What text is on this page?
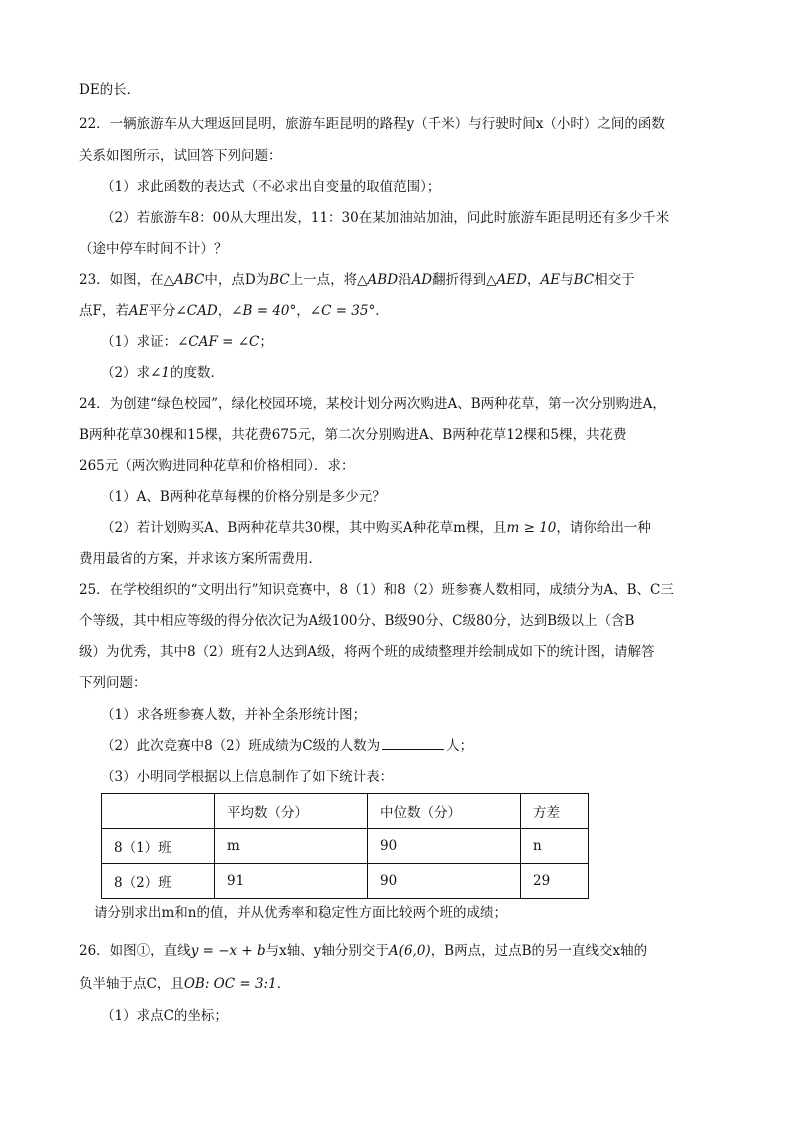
DE的长．
22．一辆旅游车从大理返回昆明，旅游车距昆明的路程y（千米）与行驶时间x（小时）之间的函数
关系如图所示，试回答下列问题：
（1）求此函数的表达式（不必求出自变量的取值范围）；
（2）若旅游车8：00从大理出发，11：30在某加油站加油，问此时旅游车距昆明还有多少千米
（途中停车时间不计）？
23．如图，在△ABC中，点D为BC上一点，将△ABD沿AD翻折得到△AED，AE与BC相交于
点F，若AE平分∠CAD，∠B = 40°，∠C = 35°．
（1）求证：∠CAF = ∠C；
（2）求∠1的度数．
24．为创建“绿色校园”，绿化校园环境，某校计划分两次购进A、B两种花草，第一次分别购进A，
B两种花草30棵和15棵，共花费675元，第二次分别购进A、B两种花草12棵和5棵，共花费
265元（两次购进同种花草和价格相同）．求：
（1）A、B两种花草每棵的价格分别是多少元？
（2）若计划购买A、B两种花草共30棵，其中购买A种花草m棵，且m ≥ 10，请你给出一种
费用最省的方案，并求该方案所需费用．
25．在学校组织的“文明出行”知识竞赛中，8（1）和8（2）班参赛人数相同，成绩分为A、B、C三
个等级，其中相应等级的得分依次记为A级100分、B级90分、C级80分，达到B级以上（含B
级）为优秀，其中8（2）班有2人达到A级，将两个班的成绩整理并绘制成如下的统计图，请解答
下列问题：
（1）求各班参赛人数，并补全条形统计图；
（2）此次竞赛中8（2）班成绩为C级的人数为	人；
（3）小明同学根据以上信息制作了如下统计表：
	平均数（分）	中位数（分）	方差
8（1）班	m	90	n
8（2）班	91	90	29
请分别求出m和n的值，并从优秀率和稳定性方面比较两个班的成绩；
26．如图①，直线y = −x + b与x轴、y轴分别交于A(6,0)，B两点，过点B的另一直线交x轴的
负半轴于点C，且OB: OC = 3:1．
（1）求点C的坐标；
